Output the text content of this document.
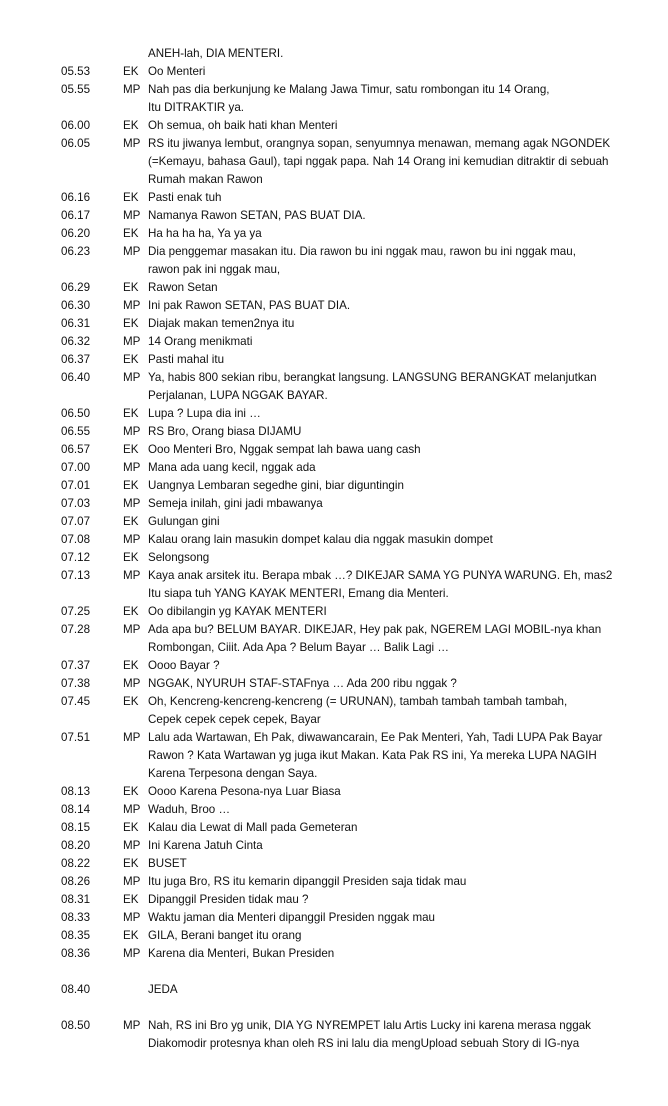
ANEH-lah, DIA MENTERI.
05.53	EK Oo Menteri
05.55	MP Nah pas dia berkunjung ke Malang Jawa Timur, satu rombongan itu 14 Orang,
Itu DITRAKTIR ya.
06.00	EK Oh semua, oh baik hati khan Menteri
06.05	MP RS itu jiwanya lembut, orangnya sopan, senyumnya menawan, memang agak NGONDEK
(=Kemayu, bahasa Gaul), tapi nggak papa. Nah 14 Orang ini kemudian ditraktir di sebuah
Rumah makan Rawon
06.16	EK Pasti enak tuh
06.17	MP Namanya Rawon SETAN, PAS BUAT DIA.
06.20	EK Ha ha ha ha, Ya ya ya
06.23	MP Dia penggemar masakan itu. Dia rawon bu ini nggak mau, rawon bu ini nggak mau,
rawon pak ini nggak mau,
06.29	EK Rawon Setan
06.30	MP Ini pak Rawon SETAN, PAS BUAT DIA.
06.31	EK Diajak makan temen2nya itu
06.32	MP 14 Orang menikmati
06.37	EK Pasti mahal itu
06.40	MP Ya, habis 800 sekian ribu, berangkat langsung. LANGSUNG BERANGKAT melanjutkan
Perjalanan, LUPA NGGAK BAYAR.
06.50	EK Lupa ? Lupa dia ini …
06.55	MP RS Bro, Orang biasa DIJAMU
06.57	EK Ooo Menteri Bro, Nggak sempat lah bawa uang cash
07.00	MP Mana ada uang kecil, nggak ada
07.01	EK Uangnya Lembaran segedhe gini, biar diguntingin
07.03	MP Semeja inilah, gini jadi mbawanya
07.07	EK Gulungan gini
07.08	MP Kalau orang lain masukin dompet kalau dia nggak masukin dompet
07.12	EK Selongsong
07.13	MP Kaya anak arsitek itu. Berapa mbak …? DIKEJAR SAMA YG PUNYA WARUNG. Eh, mas2
Itu siapa tuh YANG KAYAK MENTERI, Emang dia Menteri.
07.25	EK Oo dibilangin yg KAYAK MENTERI
07.28	MP Ada apa bu? BELUM BAYAR. DIKEJAR, Hey pak pak, NGEREM LAGI MOBIL-nya khan
Rombongan, Ciiit. Ada Apa ? Belum Bayar … Balik Lagi …
07.37	EK Oooo Bayar ?
07.38	MP NGGAK, NYURUH STAF-STAFnya … Ada 200 ribu nggak ?
07.45	EK Oh, Kencreng-kencreng-kencreng (= URUNAN), tambah tambah tambah tambah,
Cepek cepek cepek cepek, Bayar
07.51	MP Lalu ada Wartawan, Eh Pak, diwawancarain, Ee Pak Menteri, Yah, Tadi LUPA Pak Bayar
Rawon ? Kata Wartawan yg juga ikut Makan. Kata Pak RS ini, Ya mereka LUPA NAGIH
Karena Terpesona dengan Saya.
08.13	EK Oooo Karena Pesona-nya Luar Biasa
08.14	MP Waduh, Broo …
08.15	EK Kalau dia Lewat di Mall pada Gemeteran
08.20	MP Ini Karena Jatuh Cinta
08.22	EK BUSET
08.26	MP Itu juga Bro, RS itu kemarin dipanggil Presiden saja tidak mau
08.31	EK Dipanggil Presiden tidak mau ?
08.33	MP Waktu jaman dia Menteri dipanggil Presiden nggak mau
08.35	EK GILA, Berani banget itu orang
08.36	MP Karena dia Menteri, Bukan Presiden
08.40	JEDA
08.50	MP Nah, RS ini Bro yg unik, DIA YG NYREMPET lalu Artis Lucky ini karena merasa nggak
Diakomodir protesnya khan oleh RS ini lalu dia mengUpload sebuah Story di IG-nya
